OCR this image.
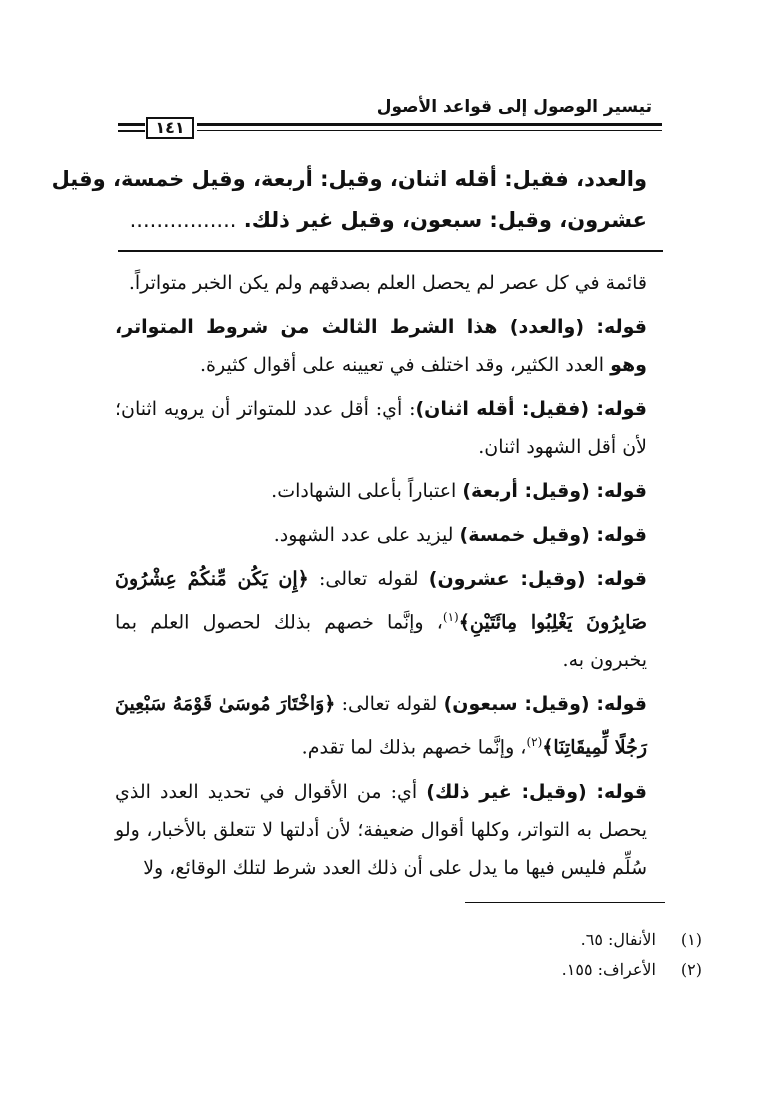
تيسير الوصول إلى قواعد الأصول
١٤١
والعدد، فقيل: أقله اثنان، وقيل: أربعة، وقيل خمسة، وقيل
عشرون، وقيل: سبعون، وقيل غير ذلك. ................

قائمة في كل عصر لم يحصل العلم بصدقهم ولم يكن الخبر متواتراً.

قوله: (والعدد) هذا الشرط الثالث من شروط المتواتر، وهو العدد الكثير، وقد اختلف في تعيينه على أقوال كثيرة.

قوله: (فقيل: أقله اثنان): أي: أقل عدد للمتواتر أن يرويه اثنان؛ لأن أقل الشهود اثنان.

قوله: (وقيل: أربعة) اعتباراً بأعلى الشهادات.

قوله: (وقيل خمسة) ليزيد على عدد الشهود.

قوله: (وقيل: عشرون) لقوله تعالى: ﴿إِن يَكُن مِّنكُمْ عِشْرُونَ صَابِرُونَ يَغْلِبُوا مِائَتَيْنِ﴾$^{(١)}$، وإنَّما خصهم بذلك لحصول العلم بما يخبرون به.

قوله: (وقيل: سبعون) لقوله تعالى: ﴿وَاخْتَارَ مُوسَىٰ قَوْمَهُ سَبْعِينَ رَجُلًا لِّمِيقَاتِنَا﴾$^{(٢)}$، وإنَّما خصهم بذلك لما تقدم.

قوله: (وقيل: غير ذلك) أي: من الأقوال في تحديد العدد الذي يحصل به التواتر، وكلها أقوال ضعيفة؛ لأن أدلتها لا تتعلق بالأخبار، ولو سُلِّم فليس فيها ما يدل على أن ذلك العدد شرط لتلك الوقائع، ولا

(١)الأنفال: ٦٥.
(٢)الأعراف: ١٥٥.
